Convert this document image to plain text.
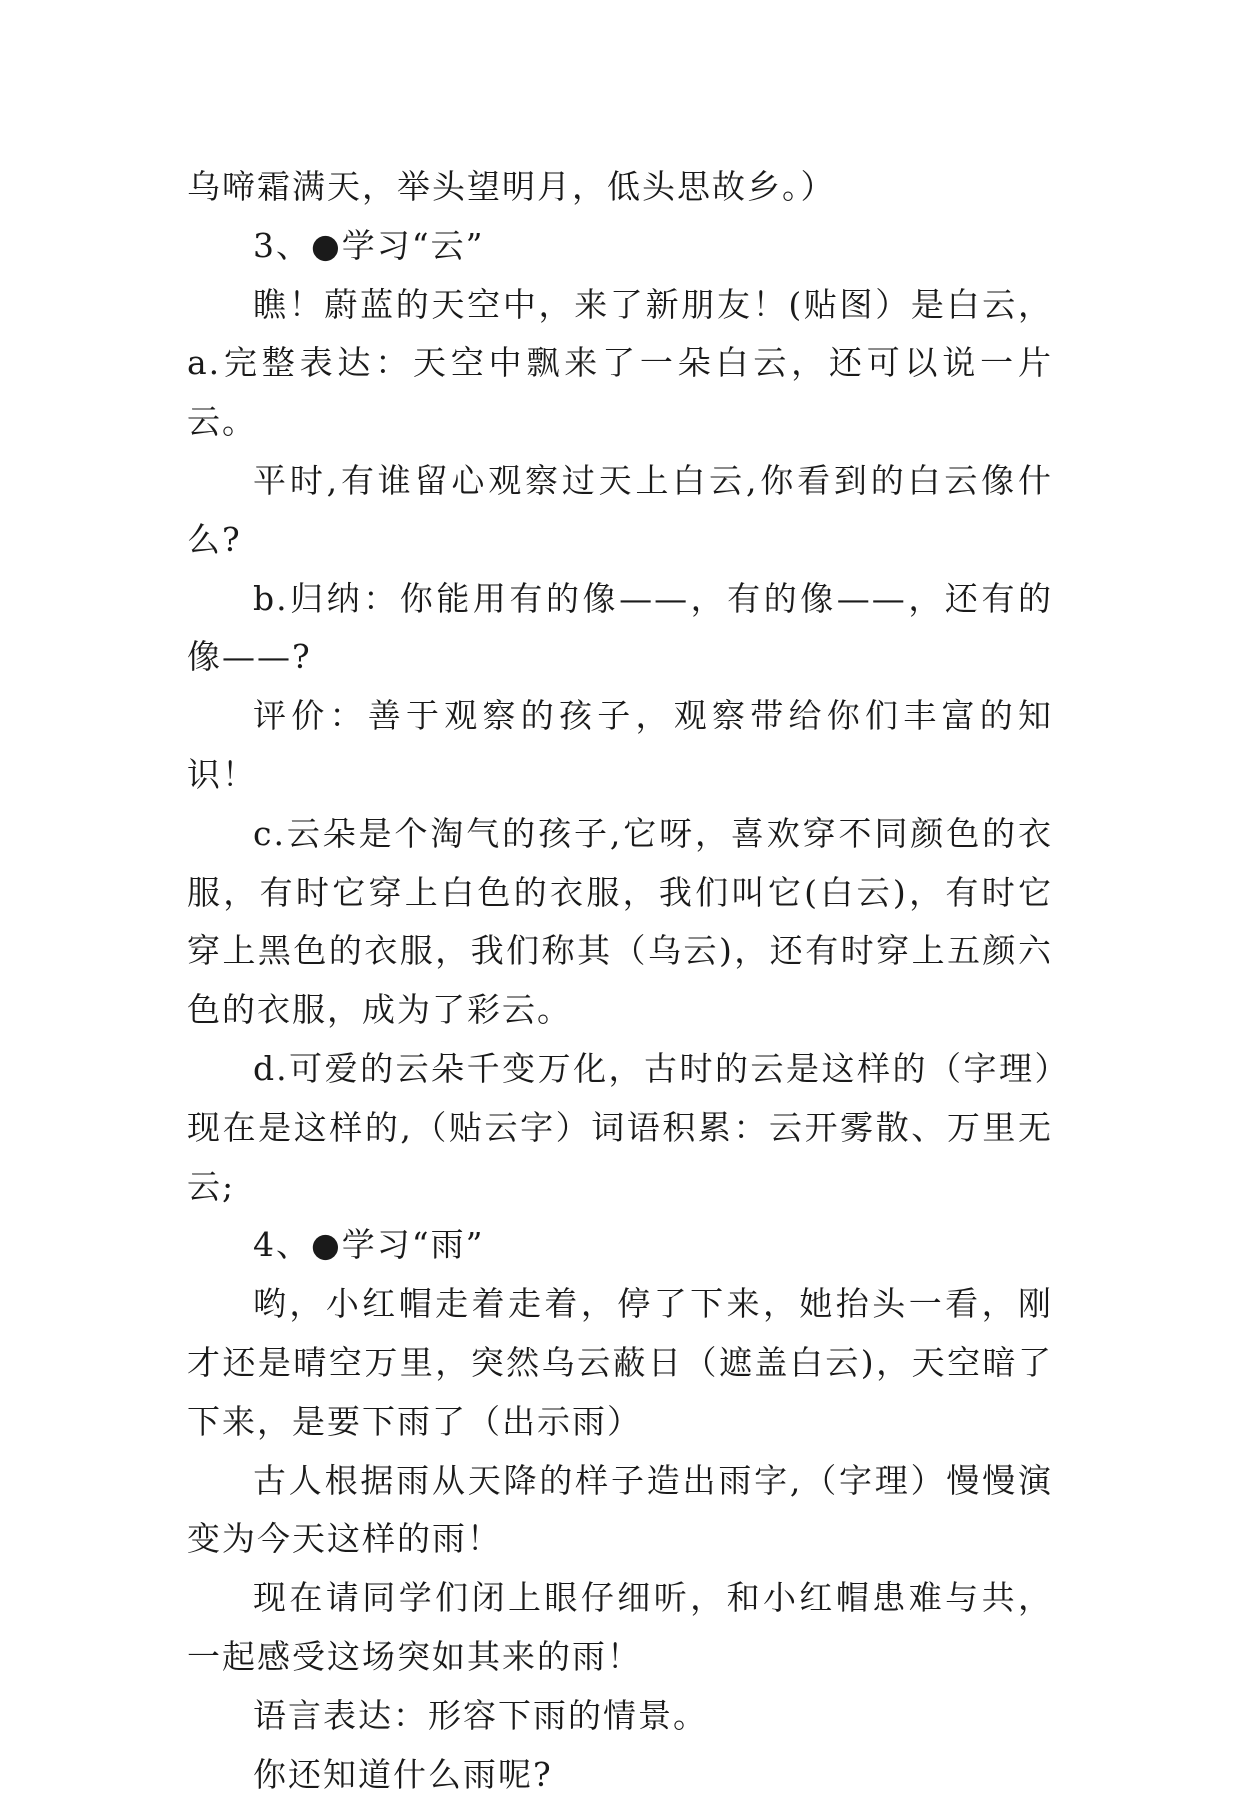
乌啼霜满天，举头望明月，低头思故乡。）

3、●学习“云”

瞧！蔚蓝的天空中，来了新朋友！(贴图）是白云，a.完整表达：天空中飘来了一朵白云，还可以说一片云。

平时,有谁留心观察过天上白云,你看到的白云像什么?

b.归纳：你能用有的像——，有的像——，还有的像——?

评价：善于观察的孩子，观察带给你们丰富的知识！

c.云朵是个淘气的孩子,它呀，喜欢穿不同颜色的衣服，有时它穿上白色的衣服，我们叫它(白云)，有时它穿上黑色的衣服，我们称其（乌云)，还有时穿上五颜六色的衣服，成为了彩云。

d.可爱的云朵千变万化，古时的云是这样的（字理）现在是这样的,（贴云字）词语积累：云开雾散、万里无云;

4、●学习“雨”

哟，小红帽走着走着，停了下来，她抬头一看，刚才还是晴空万里，突然乌云蔽日（遮盖白云)，天空暗了下来，是要下雨了（出示雨）

古人根据雨从天降的样子造出雨字,（字理）慢慢演变为今天这样的雨！

现在请同学们闭上眼仔细听，和小红帽患难与共，一起感受这场突如其来的雨！

语言表达：形容下雨的情景。

你还知道什么雨呢?
